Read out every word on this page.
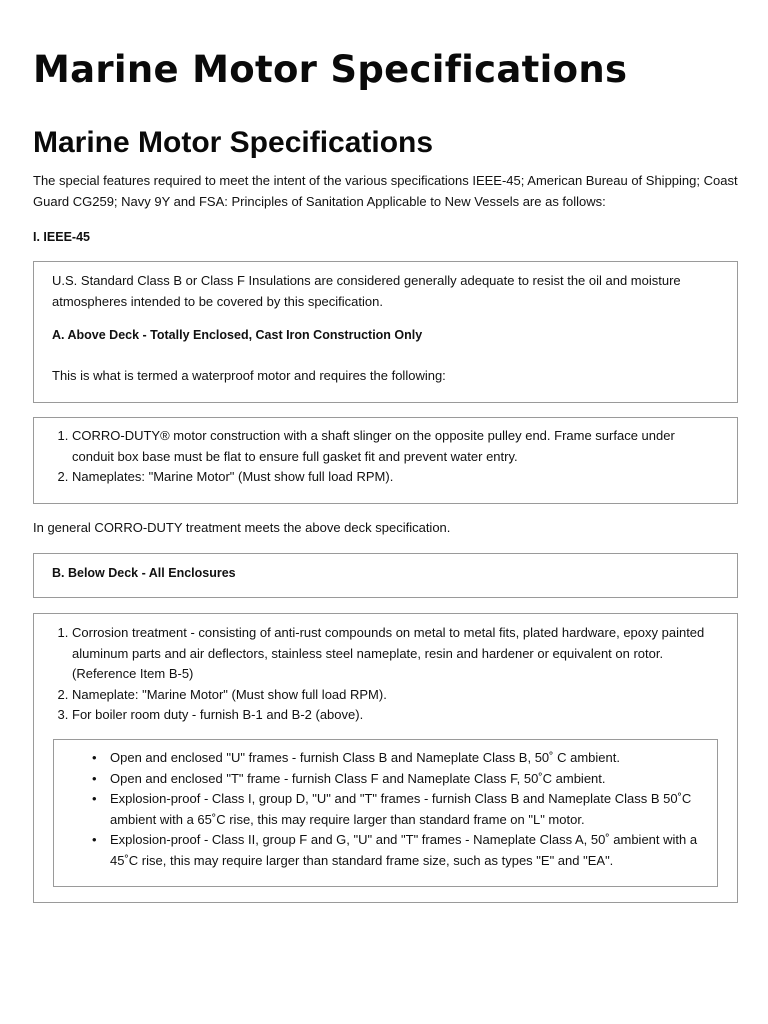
Marine Motor Specifications
Marine Motor Specifications

The special features required to meet the intent of the various specifications IEEE-45; American Bureau of Shipping; Coast Guard CG259; Navy 9Y and FSA: Principles of Sanitation Applicable to New Vessels are as follows:

I. IEEE-45

U.S. Standard Class B or Class F Insulations are considered generally adequate to resist the oil and moisture atmospheres intended to be covered by this specification.

A. Above Deck - Totally Enclosed, Cast Iron Construction Only

This is what is termed a waterproof motor and requires the following:

1. CORRO-DUTY® motor construction with a shaft slinger on the opposite pulley end. Frame surface under conduit box base must be flat to ensure full gasket fit and prevent water entry.
2. Nameplates: "Marine Motor" (Must show full load RPM).

In general CORRO-DUTY treatment meets the above deck specification.

B. Below Deck - All Enclosures

1. Corrosion treatment - consisting of anti-rust compounds on metal to metal fits, plated hardware, epoxy painted aluminum parts and air deflectors, stainless steel nameplate, resin and hardener or equivalent on rotor. (Reference Item B-5)
2. Nameplate: "Marine Motor" (Must show full load RPM).
3. For boiler room duty - furnish B-1 and B-2 (above).
• Open and enclosed "U" frames - furnish Class B and Nameplate Class B, 50˚ C ambient.
• Open and enclosed "T" frame - furnish Class F and Nameplate Class F, 50˚C ambient.
• Explosion-proof - Class I, group D, "U" and "T" frames - furnish Class B and Nameplate Class B 50˚C ambient with a 65˚C rise, this may require larger than standard frame on "L" motor.
• Explosion-proof - Class II, group F and G, "U" and "T" frames - Nameplate Class A, 50˚ ambient with a 45˚C rise, this may require larger than standard frame size, such as types "E" and "EA".
